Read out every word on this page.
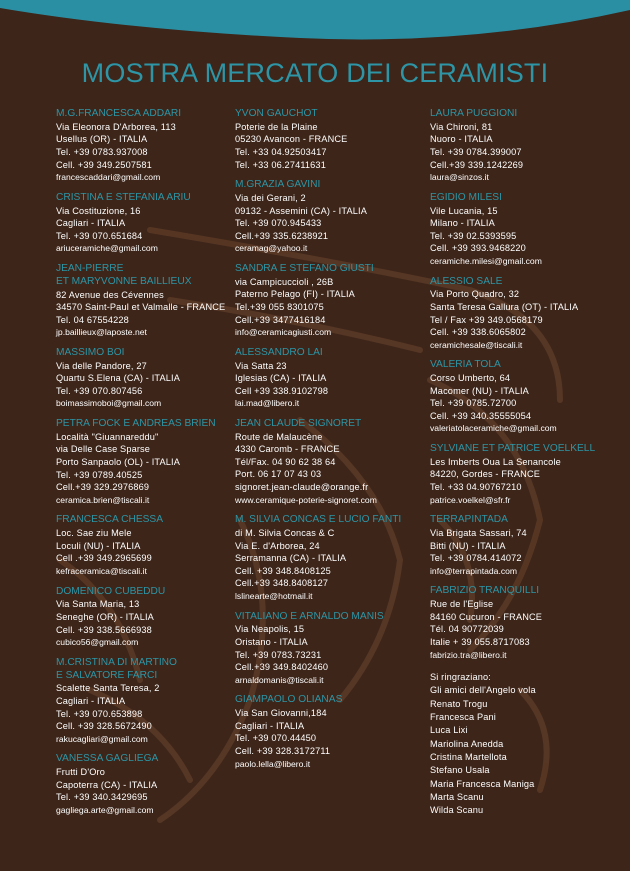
MOSTRA MERCATO DEI CERAMISTI
M.G.FRANCESCA ADDARI
Via Eleonora D'Arborea, 113
Usellus (OR) - ITALIA
Tel. +39 0783.937008
Cell. +39 349.2507581
francescaddari@gmail.com
CRISTINA E STEFANIA ARIU
Via Costituzione, 16
Cagliari - ITALIA
Tel. +39 070.651684
ariuceramiche@gmail.com
JEAN-PIERRE
ET MARYVONNE BAILLIEUX
82 Avenue des Cévennes
34570 Saint-Paul et Valmalle - FRANCE
Tel. 04 67554228
jp.baillieux@laposte.net
MASSIMO BOI
Via delle Pandore, 27
Quartu S.Elena (CA) - ITALIA
Tel. +39 070.807456
boimassimoboi@gmail.com
PETRA FOCK E ANDREAS BRIEN
Località "Giuannareddu"
via Delle Case Sparse
Porto Sanpaolo (OL) - ITALIA
Tel. +39 0789.40525
Cell.+39 329.2976869
ceramica.brien@tiscali.it
FRANCESCA CHESSA
Loc. Sae ziu Mele
Loculi (NU) - ITALIA
Cell .+39 349.2965699
kefraceramica@tiscali.it
DOMENICO CUBEDDU
Via Santa Maria, 13
Seneghe (OR) - ITALIA
Cell. +39 338.5666938
cubico56@gmail.com
M.CRISTINA DI MARTINO
E SALVATORE FARCI
Scalette Santa Teresa, 2
Cagliari - ITALIA
Tel. +39 070.653898
Cell. +39 328.5672490
rakucagliari@gmail.com
VANESSA GAGLIEGA
Frutti D'Oro
Capoterra (CA) - ITALIA
Tel. +39 340.3429695
gagliega.arte@gmail.com
YVON GAUCHOT
Poterie de la Plaine
05230 Avancon - FRANCE
Tel. +33 04.92503417
Tel. +33 06.27411631
M.GRAZIA GAVINI
Via dei Gerani, 2
09132 - Assemini (CA) - ITALIA
Tel. +39 070.945433
Cell.+39 335.6238921
ceramag@yahoo.it
SANDRA E STEFANO GIUSTI
via Campicuccioli , 26B
Paterno Pelago (FI) - ITALIA
Tel.+39 055 8301075
Cell.+39 3477416184
info@ceramicagiusti.com
ALESSANDRO LAI
Via Satta 23
Iglesias (CA) - ITALIA
Cell +39 338.9102798
lai.mad@libero.it
JEAN CLAUDE SIGNORET
Route de Malaucène
4330 Caromb - FRANCE
Tél/Fax. 04 90 62 38 64
Port. 06 17 07 43 03
signoret.jean-claude@orange.fr
www.ceramique-poterie-signoret.com
M. SILVIA CONCAS E LUCIO FANTI
di M. Silvia Concas & C
Via E. d'Arborea, 24
Serramanna (CA) - ITALIA
Cell. +39 348.8408125
Cell.+39 348.8408127
lslinearte@hotmail.it
VITALIANO E ARNALDO MANIS
Via Neapolis, 15
Oristano - ITALIA
Tel. +39 0783.73231
Cell.+39 349.8402460
arnaldomanis@tiscali.it
GIAMPAOLO OLIANAS
Via San Giovanni,184
Cagliari - ITALIA
Tel. +39 070.44450
Cell. +39 328.3172711
paolo.lella@libero.it
LAURA PUGGIONI
Via Chironi, 81
Nuoro - ITALIA
Tel. +39 0784.399007
Cell.+39 339.1242269
laura@sinzos.it
EGIDIO MILESI
Vile Lucania, 15
Milano - ITALIA
Tel. +39 02.5393595
Cell. +39 393.9468220
ceramiche.milesi@gmail.com
ALESSIO SALE
Via Porto Quadro, 32
Santa Teresa Gallura (OT) - ITALIA
Tel / Fax +39 349.0568179
Cell. +39 338.6065802
ceramichesale@tiscali.it
VALERIA TOLA
Corso Umberto, 64
Macomer (NU) - ITALIA
Tel. +39 0785.72700
Cell. +39 340.35555054
valeriatolaceramiche@gmail.com
SYLVIANE ET PATRICE VOELKELL
Les Imberts Oua La Senancole
84220, Gordes - FRANCE
Tel. +33 04.90767210
patrice.voelkel@sfr.fr
TERRAPINTADA
Via Brigata Sassari, 74
Bitti (NU) - ITALIA
Tel. +39 0784.414072
info@terrapintada.com
FABRIZIO TRANQUILLI
Rue de l'Eglise
84160 Cucuron - FRANCE
Tél. 04 90772039
Italie + 39 055.8717083
fabrizio.tra@libero.it
Si ringraziano:
Gli amici dell'Angelo vola
Renato Trogu
Francesca Pani
Luca Lixi
Mariolina Anedda
Cristina Martellota
Stefano Usala
Maria Francesca Maniga
Marta Scanu
Wilda Scanu
